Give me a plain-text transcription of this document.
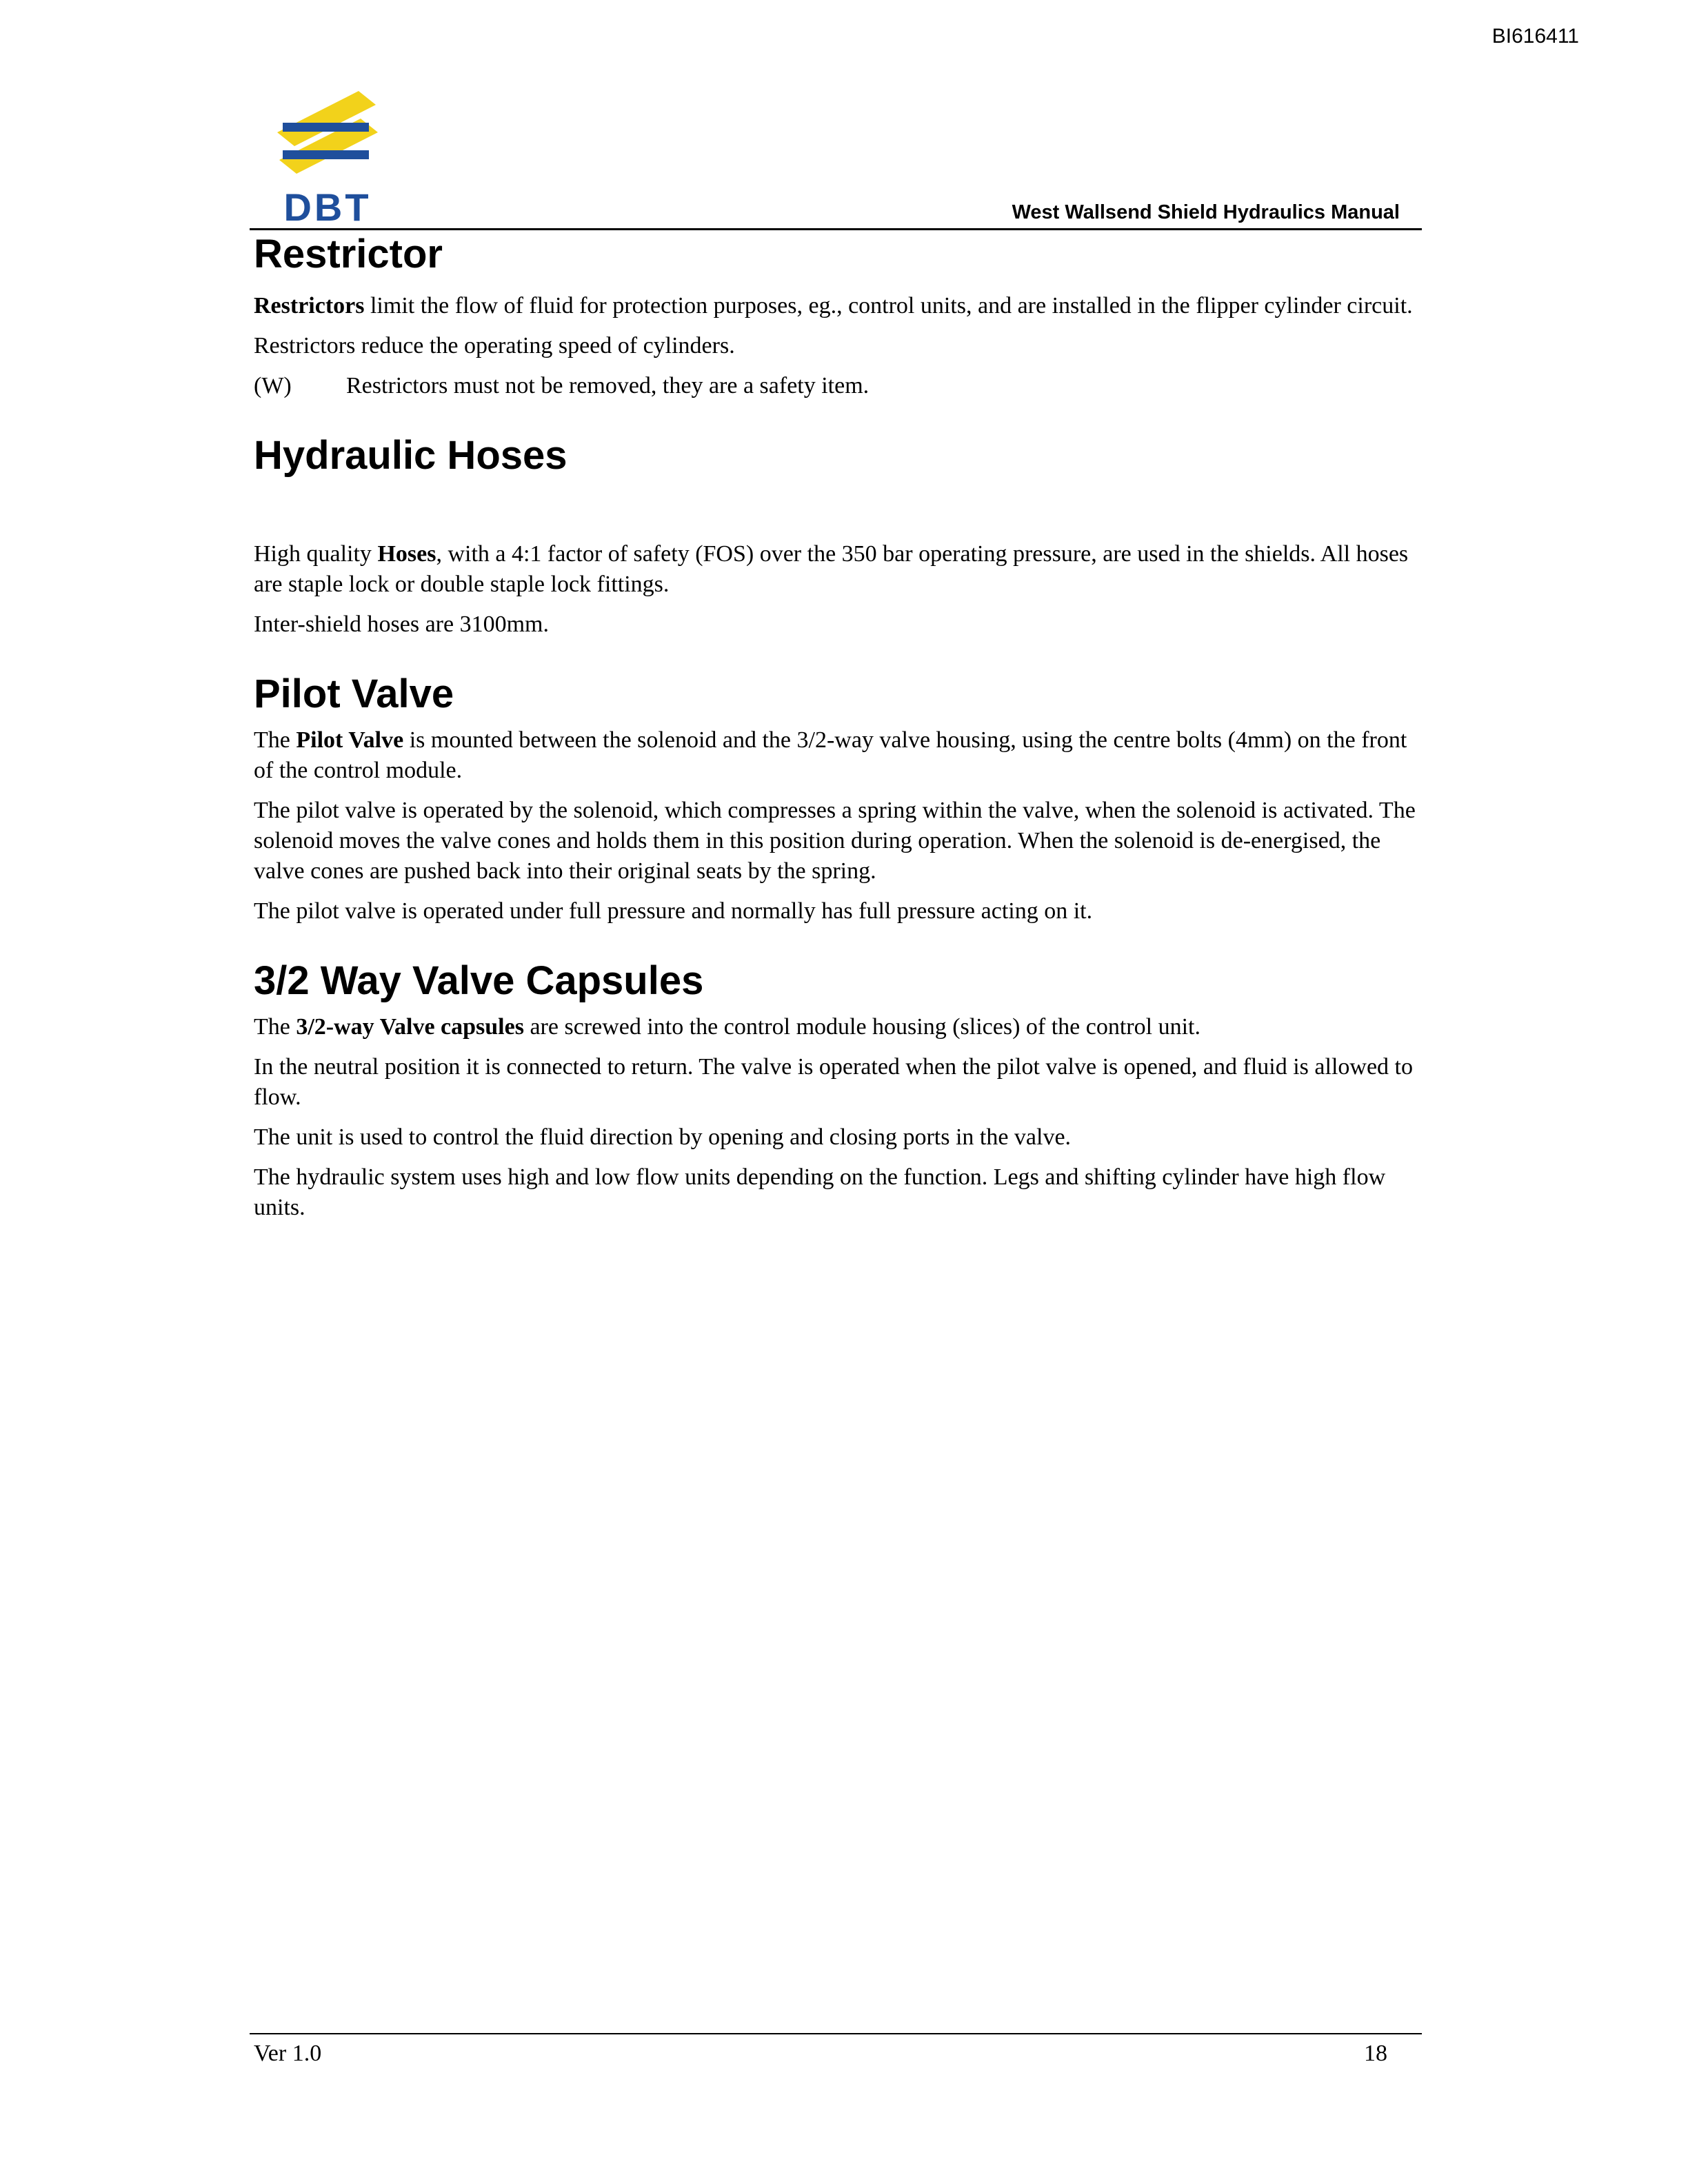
BI616411
DBT	West Wallsend Shield Hydraulics Manual
Restrictor

Restrictors limit the flow of fluid for protection purposes, eg., control units, and are installed in the flipper cylinder circuit.

Restrictors reduce the operating speed of cylinders.

(W)	Restrictors must not be removed, they are a safety item.

Hydraulic Hoses

High quality Hoses, with a 4:1 factor of safety (FOS) over the 350 bar operating pressure, are used in the shields. All hoses are staple lock or double staple lock fittings.

Inter-shield hoses are 3100mm.

Pilot Valve

The Pilot Valve is mounted between the solenoid and the 3/2-way valve housing, using the centre bolts (4mm) on the front of the control module.

The pilot valve is operated by the solenoid, which compresses a spring within the valve, when the solenoid is activated. The solenoid moves the valve cones and holds them in this position during operation. When the solenoid is de-energised, the valve cones are pushed back into their original seats by the spring.

The pilot valve is operated under full pressure and normally has full pressure acting on it.

3/2 Way Valve Capsules

The 3/2-way Valve capsules are screwed into the control module housing (slices) of the control unit.

In the neutral position it is connected to return. The valve is operated when the pilot valve is opened, and fluid is allowed to flow.

The unit is used to control the fluid direction by opening and closing ports in the valve.

The hydraulic system uses high and low flow units depending on the function. Legs and shifting cylinder have high flow units.

Ver 1.0	18
